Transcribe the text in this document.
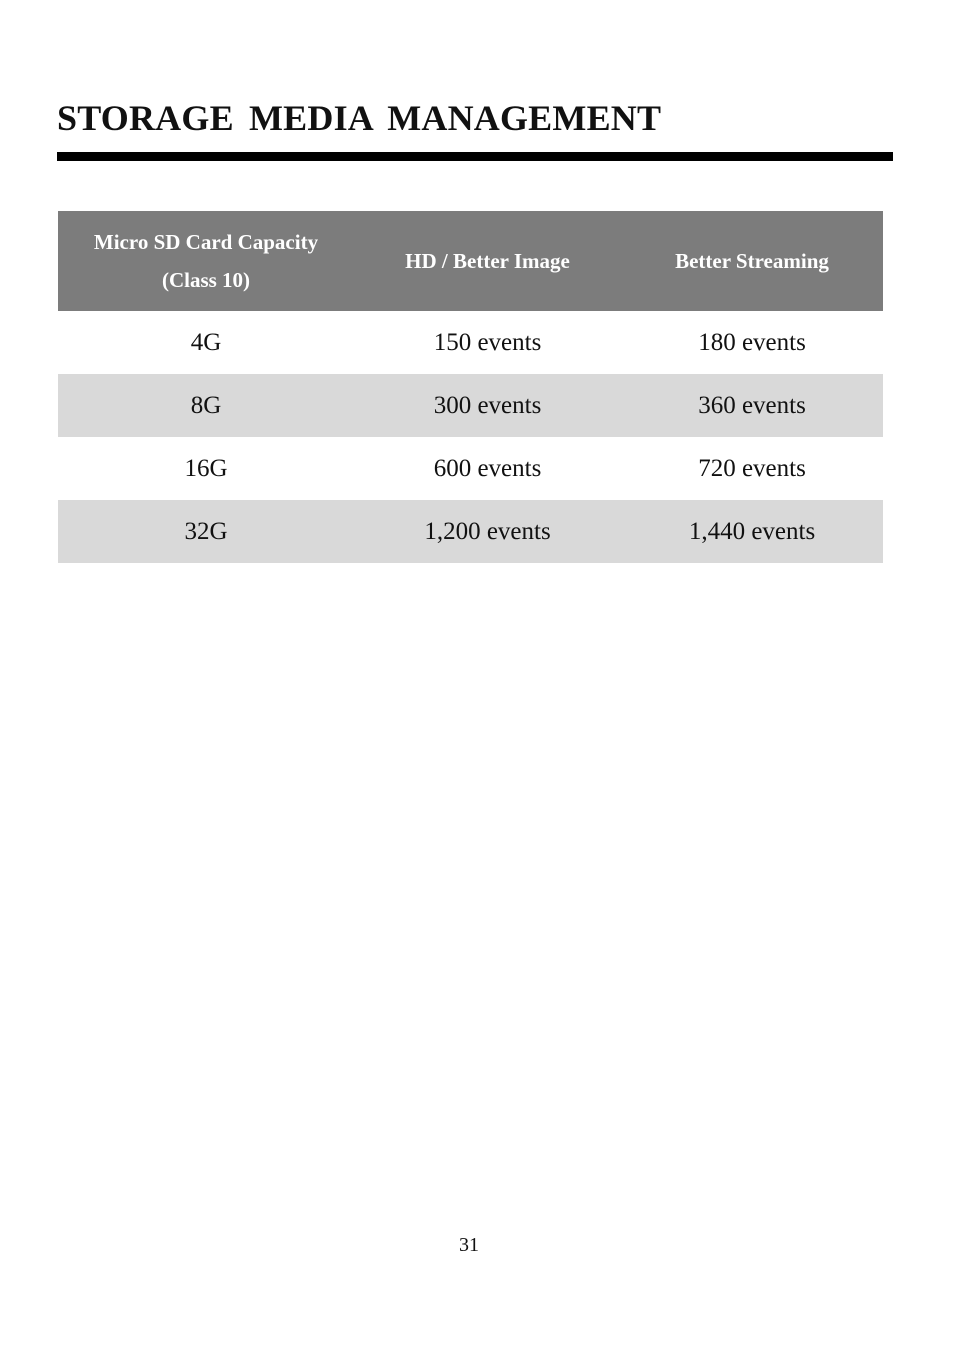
STORAGE MEDIA MANAGEMENT
Micro SD Card Capacity
(Class 10)	HD / Better Image	Better Streaming
4G	150 events	180 events
8G	300 events	360 events
16G	600 events	720 events
32G	1,200 events	1,440 events
31
